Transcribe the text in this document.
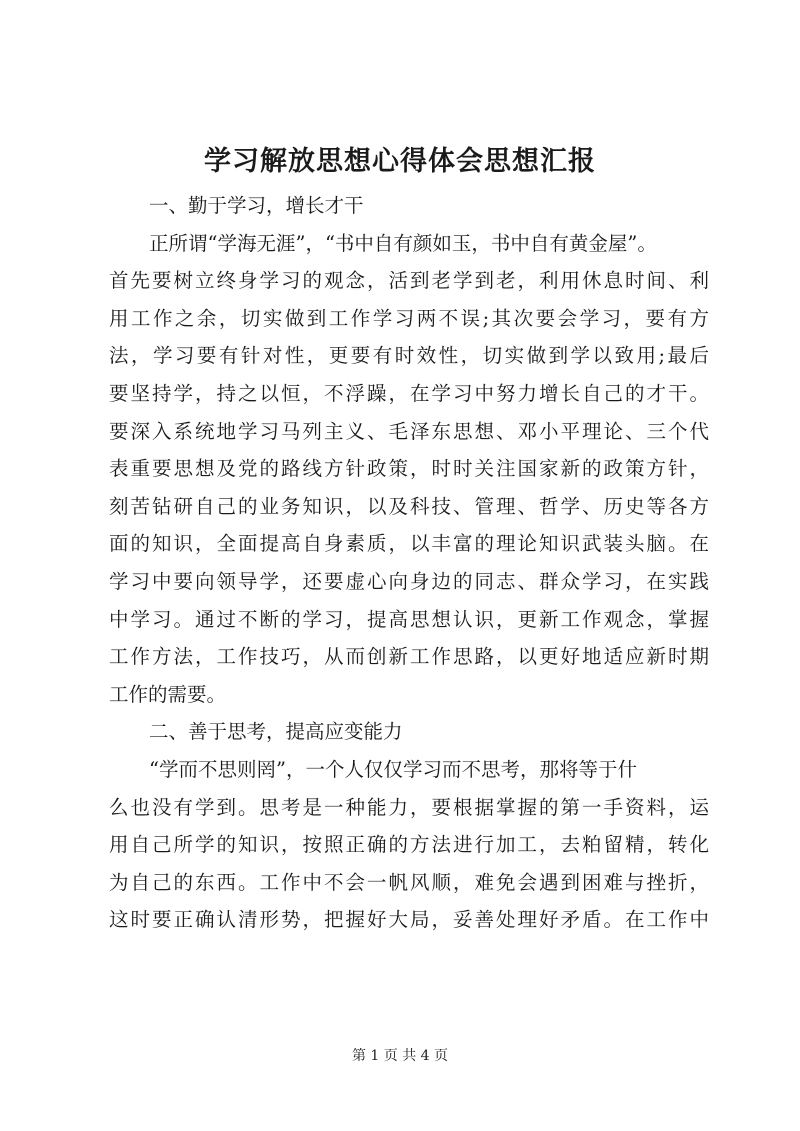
学习解放思想心得体会思想汇报
一、勤于学习，增长才干
正所谓“学海无涯”，“书中自有颜如玉，书中自有黄金屋”。
首先要树立终身学习的观念，活到老学到老，利用休息时间、利
用工作之余，切实做到工作学习两不误;其次要会学习，要有方
法，学习要有针对性，更要有时效性，切实做到学以致用;最后
要坚持学，持之以恒，不浮躁，在学习中努力增长自己的才干。
要深入系统地学习马列主义、毛泽东思想、邓小平理论、三个代
表重要思想及党的路线方针政策，时时关注国家新的政策方针，
刻苦钻研自己的业务知识，以及科技、管理、哲学、历史等各方
面的知识，全面提高自身素质，以丰富的理论知识武装头脑。在
学习中要向领导学，还要虚心向身边的同志、群众学习，在实践
中学习。通过不断的学习，提高思想认识，更新工作观念，掌握
工作方法，工作技巧，从而创新工作思路，以更好地适应新时期
工作的需要。
二、善于思考，提高应变能力
“学而不思则罔”，一个人仅仅学习而不思考，那将等于什
么也没有学到。思考是一种能力，要根据掌握的第一手资料，运
用自己所学的知识，按照正确的方法进行加工，去粕留精，转化
为自己的东西。工作中不会一帆风顺，难免会遇到困难与挫折，
这时要正确认清形势，把握好大局，妥善处理好矛盾。在工作中
第 1 页 共 4 页
